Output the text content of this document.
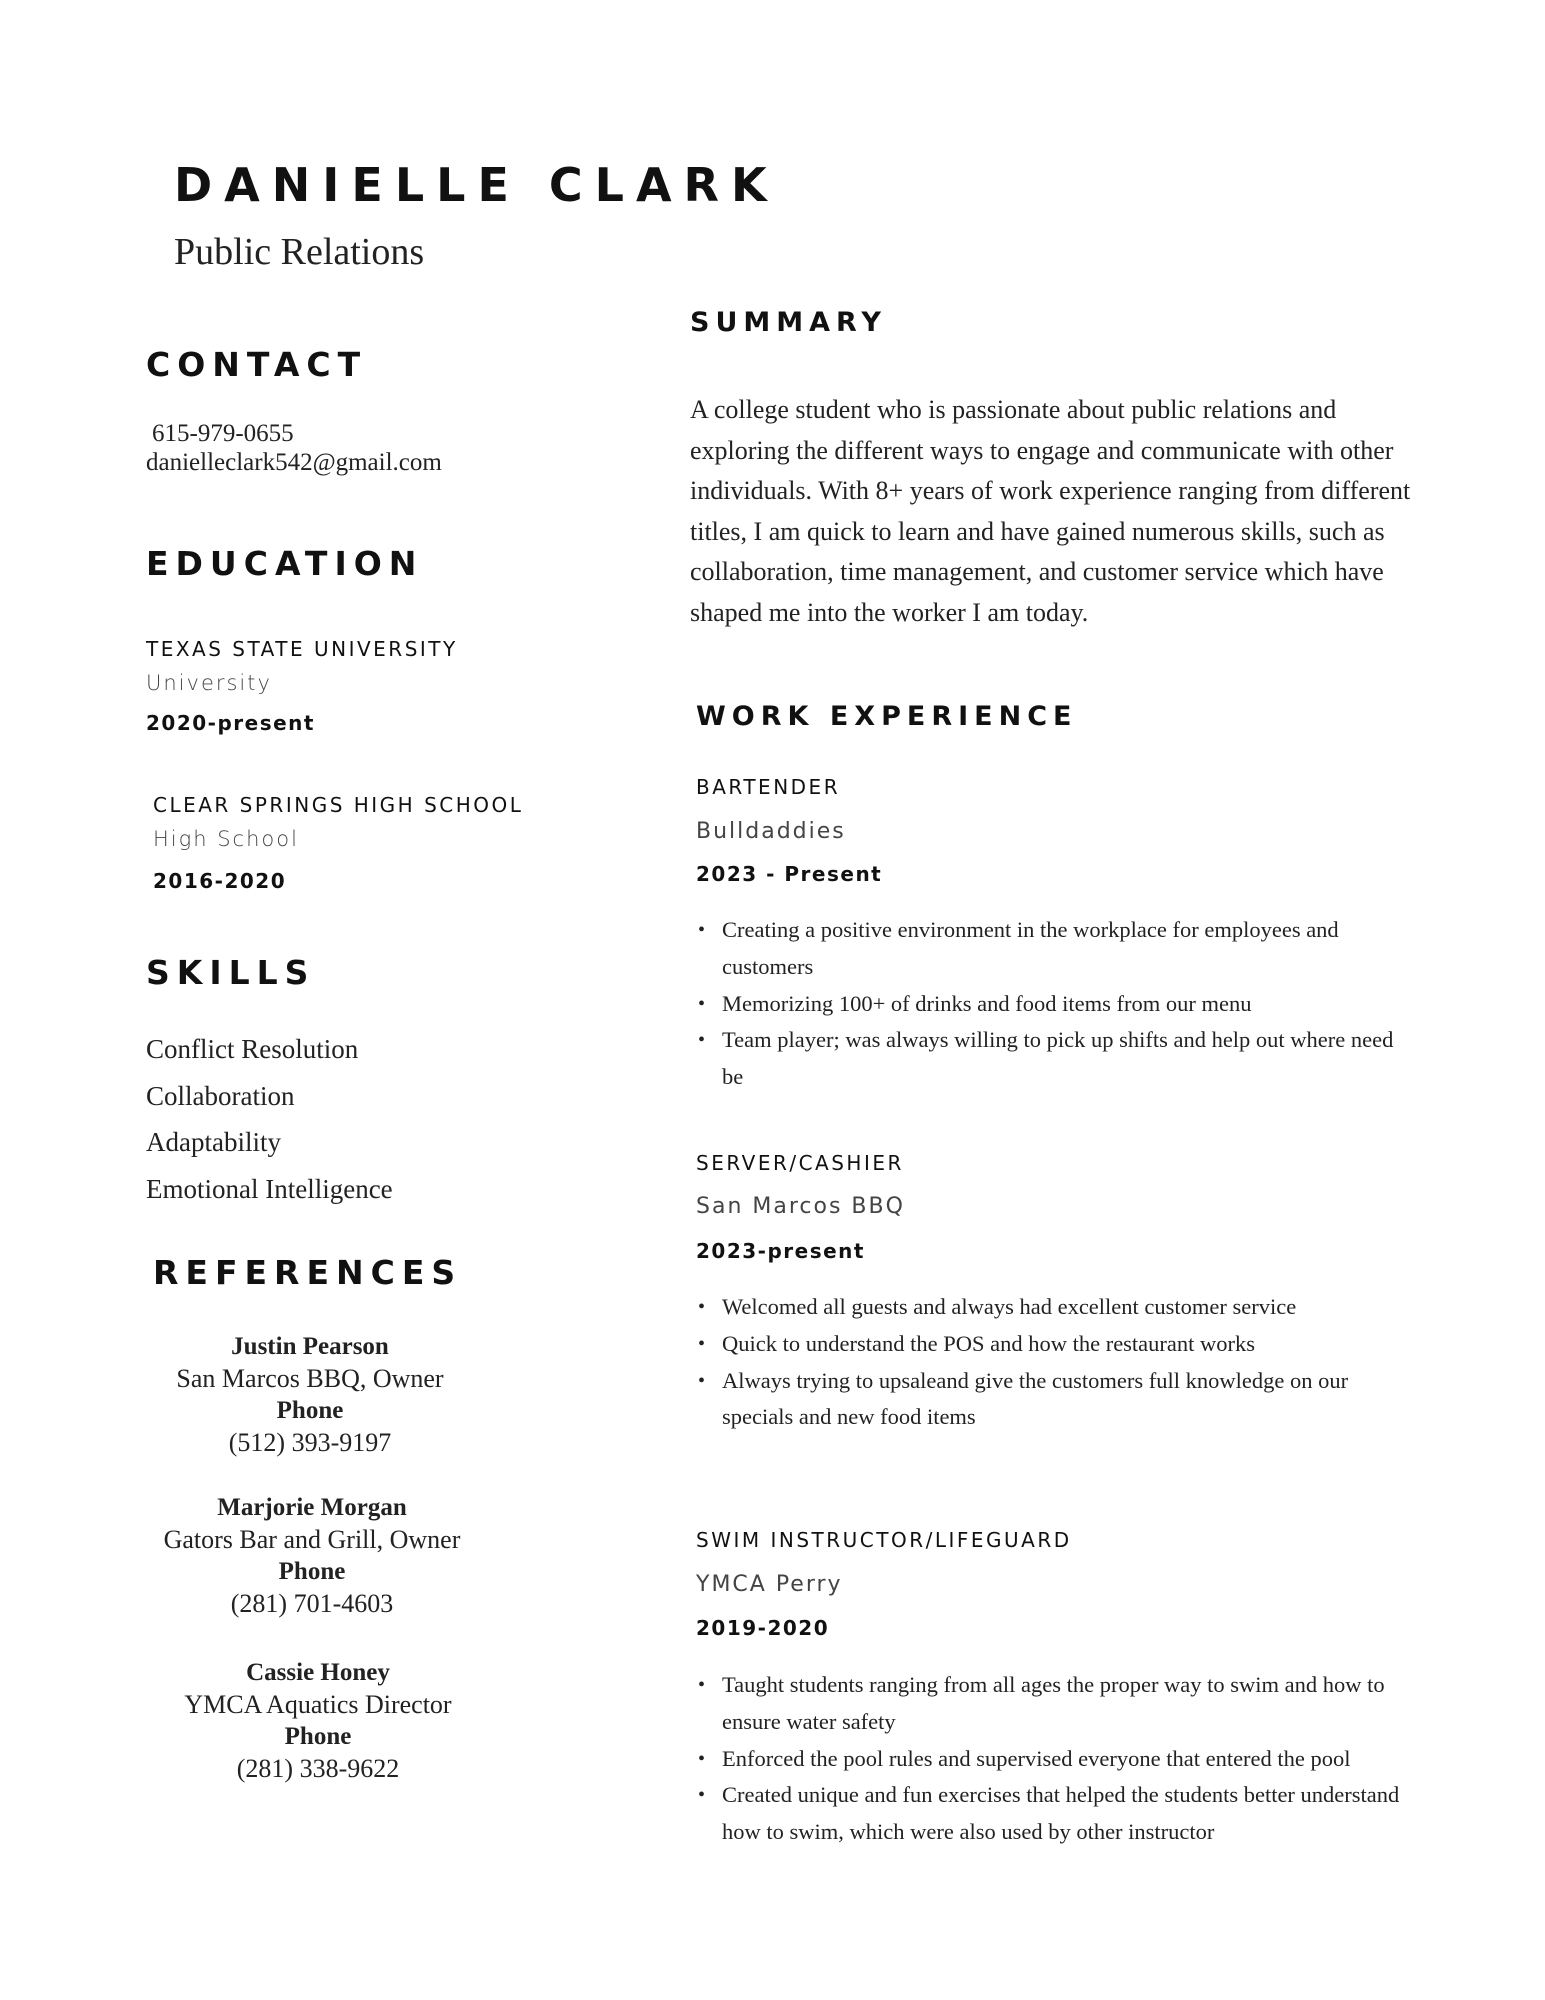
DANIELLE CLARK
Public Relations
CONTACT
615-979-0655
danielleclark542@gmail.com
EDUCATION
TEXAS STATE UNIVERSITY
University
2020-present
CLEAR SPRINGS HIGH SCHOOL
High School
2016-2020
SKILLS
Conflict Resolution
Collaboration
Adaptability
Emotional Intelligence
REFERENCES
Justin Pearson
San Marcos BBQ, Owner
Phone
(512) 393-9197
Marjorie Morgan
Gators Bar and Grill, Owner
Phone
(281) 701-4603
Cassie Honey
YMCA Aquatics Director
Phone
(281) 338-9622
SUMMARY

A college student who is passionate about public relations and exploring the different ways to engage and communicate with other individuals. With 8+ years of work experience ranging from different titles, I am quick to learn and have gained numerous skills, such as collaboration, time management, and customer service which have shaped me into the worker I am today.

WORK EXPERIENCE
BARTENDER
Bulldaddies
2023 - Present
• Creating a positive environment in the workplace for employees and customers
• Memorizing 100+ of drinks and food items from our menu
• Team player; was always willing to pick up shifts and help out where need be
SERVER/CASHIER
San Marcos BBQ
2023-present
• Welcomed all guests and always had excellent customer service
• Quick to understand the POS and how the restaurant works
• Always trying to upsaleand give the customers full knowledge on our specials and new food items
SWIM INSTRUCTOR/LIFEGUARD
YMCA Perry
2019-2020
• Taught students ranging from all ages the proper way to swim and how to ensure water safety
• Enforced the pool rules and supervised everyone that entered the pool
• Created unique and fun exercises that helped the students better understand how to swim, which were also used by other instructor
